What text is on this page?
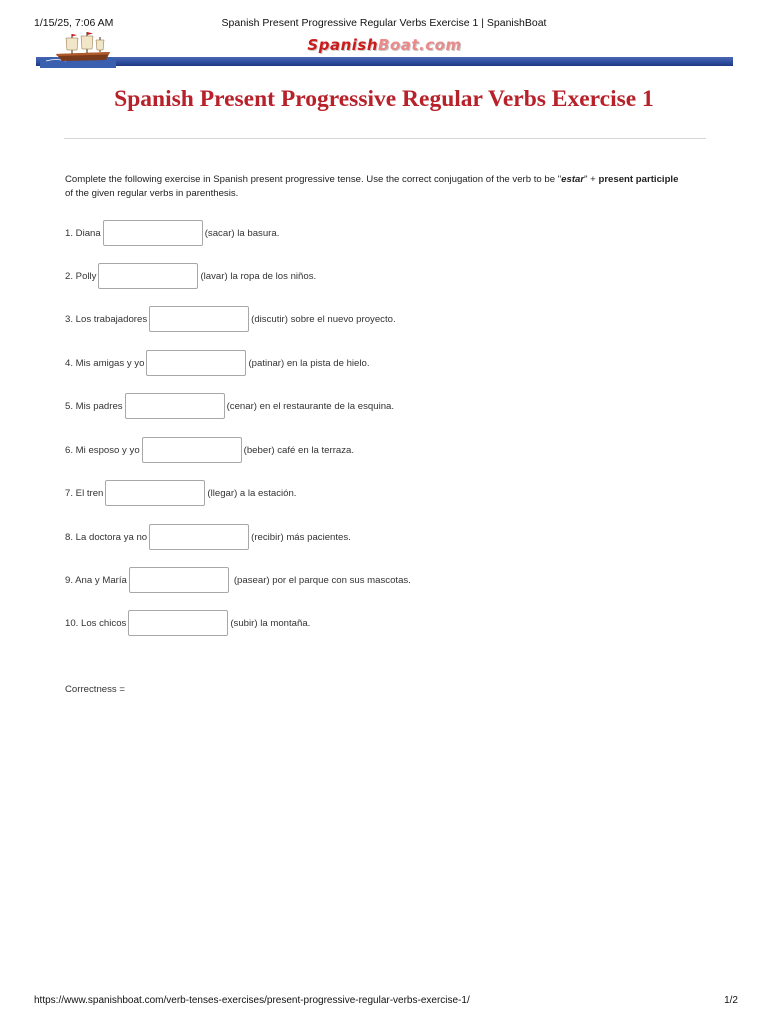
1/15/25, 7:06 AM	Spanish Present Progressive Regular Verbs Exercise 1 | SpanishBoat
SpanishBoat.com
Spanish Present Progressive Regular Verbs Exercise 1

Complete the following exercise in Spanish present progressive tense. Use the correct conjugation of the verb to be "estar" + present participle of the given regular verbs in parenthesis.

1. Diana	(sacar) la basura.
2. Polly	(lavar) la ropa de los niños.
3. Los trabajadores	(discutir) sobre el nuevo proyecto.
4. Mis amigas y yo	(patinar) en la pista de hielo.
5. Mis padres	(cenar) en el restaurante de la esquina.
6. Mi esposo y yo	(beber) café en la terraza.
7. El tren	(llegar) a la estación.
8. La doctora ya no	(recibir) más pacientes.
9. Ana y María	(pasear) por el parque con sus mascotas.
10. Los chicos	(subir) la montaña.
Correctness =
https://www.spanishboat.com/verb-tenses-exercises/present-progressive-regular-verbs-exercise-1/	1/2
